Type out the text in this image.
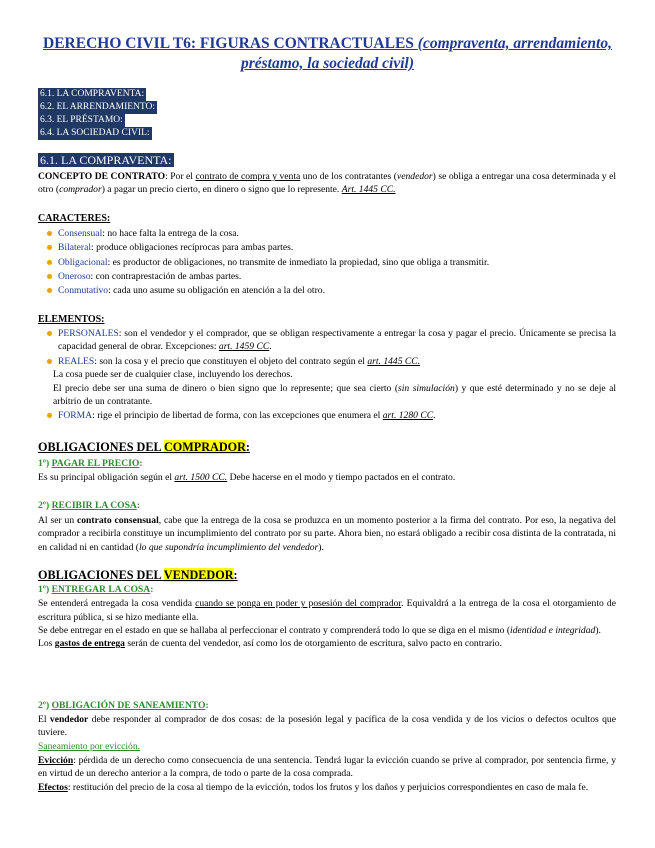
DERECHO CIVIL T6: FIGURAS CONTRACTUALES (compraventa, arrendamiento, préstamo, la sociedad civil)
6.1. LA COMPRAVENTA:
6.2. EL ARRENDAMIENTO:
6.3. EL PRÉSTAMO:
6.4. LA SOCIEDAD CIVIL:
6.1. LA COMPRAVENTA:
CONCEPTO DE CONTRATO: Por el contrato de compra y venta uno de los contratantes (vendedor) se obliga a entregar una cosa determinada y el otro (comprador) a pagar un precio cierto, en dinero o signo que lo represente. Art. 1445 CC.
CARACTERES:
Consensual: no hace falta la entrega de la cosa.
Bilateral: produce obligaciones recíprocas para ambas partes.
Obligacional: es productor de obligaciones, no transmite de inmediato la propiedad, sino que obliga a transmitir.
Oneroso: con contraprestación de ambas partes.
Conmutativo: cada uno asume su obligación en atención a la del otro.
ELEMENTOS:
PERSONALES: son el vendedor y el comprador, que se obligan respectivamente a entregar la cosa y pagar el precio. Únicamente se precisa la capacidad general de obrar. Excepciones: art. 1459 CC.
REALES: son la cosa y el precio que constituyen el objeto del contrato según el art. 1445 CC.
La cosa puede ser de cualquier clase, incluyendo los derechos.
El precio debe ser una suma de dinero o bien signo que lo represente; que sea cierto (sin simulación) y que esté determinado y no se deje al arbitrio de un contratante.
FORMA: rige el principio de libertad de forma, con las excepciones que enumera el art. 1280 CC.
OBLIGACIONES DEL COMPRADOR:
1º) PAGAR EL PRECIO:
Es su principal obligación según el art. 1500 CC. Debe hacerse en el modo y tiempo pactados en el contrato.
2º) RECIBIR LA COSA:
Al ser un contrato consensual, cabe que la entrega de la cosa se produzca en un momento posterior a la firma del contrato. Por eso, la negativa del comprador a recibirla constituye un incumplimiento del contrato por su parte. Ahora bien, no estará obligado a recibir cosa distinta de la contratada, ni en calidad ni en cantidad (lo que supondría incumplimiento del vendedor).
OBLIGACIONES DEL VENDEDOR:
1º) ENTREGAR LA COSA:
Se entenderá entregada la cosa vendida cuando se ponga en poder y posesión del comprador. Equivaldrá a la entrega de la cosa el otorgamiento de escritura pública, si se hizo mediante ella.
Se debe entregar en el estado en que se hallaba al perfeccionar el contrato y comprenderá todo lo que se diga en el mismo (identidad e integridad).
Los gastos de entrega serán de cuenta del vendedor, así como los de otorgamiento de escritura, salvo pacto en contrario.
2º) OBLIGACIÓN DE SANEAMIENTO:
El vendedor debe responder al comprador de dos cosas: de la posesión legal y pacífica de la cosa vendida y de los vicios o defectos ocultos que tuviere.
Saneamiento por evicción.
Evicción: pérdida de un derecho como consecuencia de una sentencia. Tendrá lugar la evicción cuando se prive al comprador, por sentencia firme, y en virtud de un derecho anterior a la compra, de todo o parte de la cosa comprada.
Efectos: restitución del precio de la cosa al tiempo de la evicción, todos los frutos y los daños y perjuicios correspondientes en caso de mala fe.
